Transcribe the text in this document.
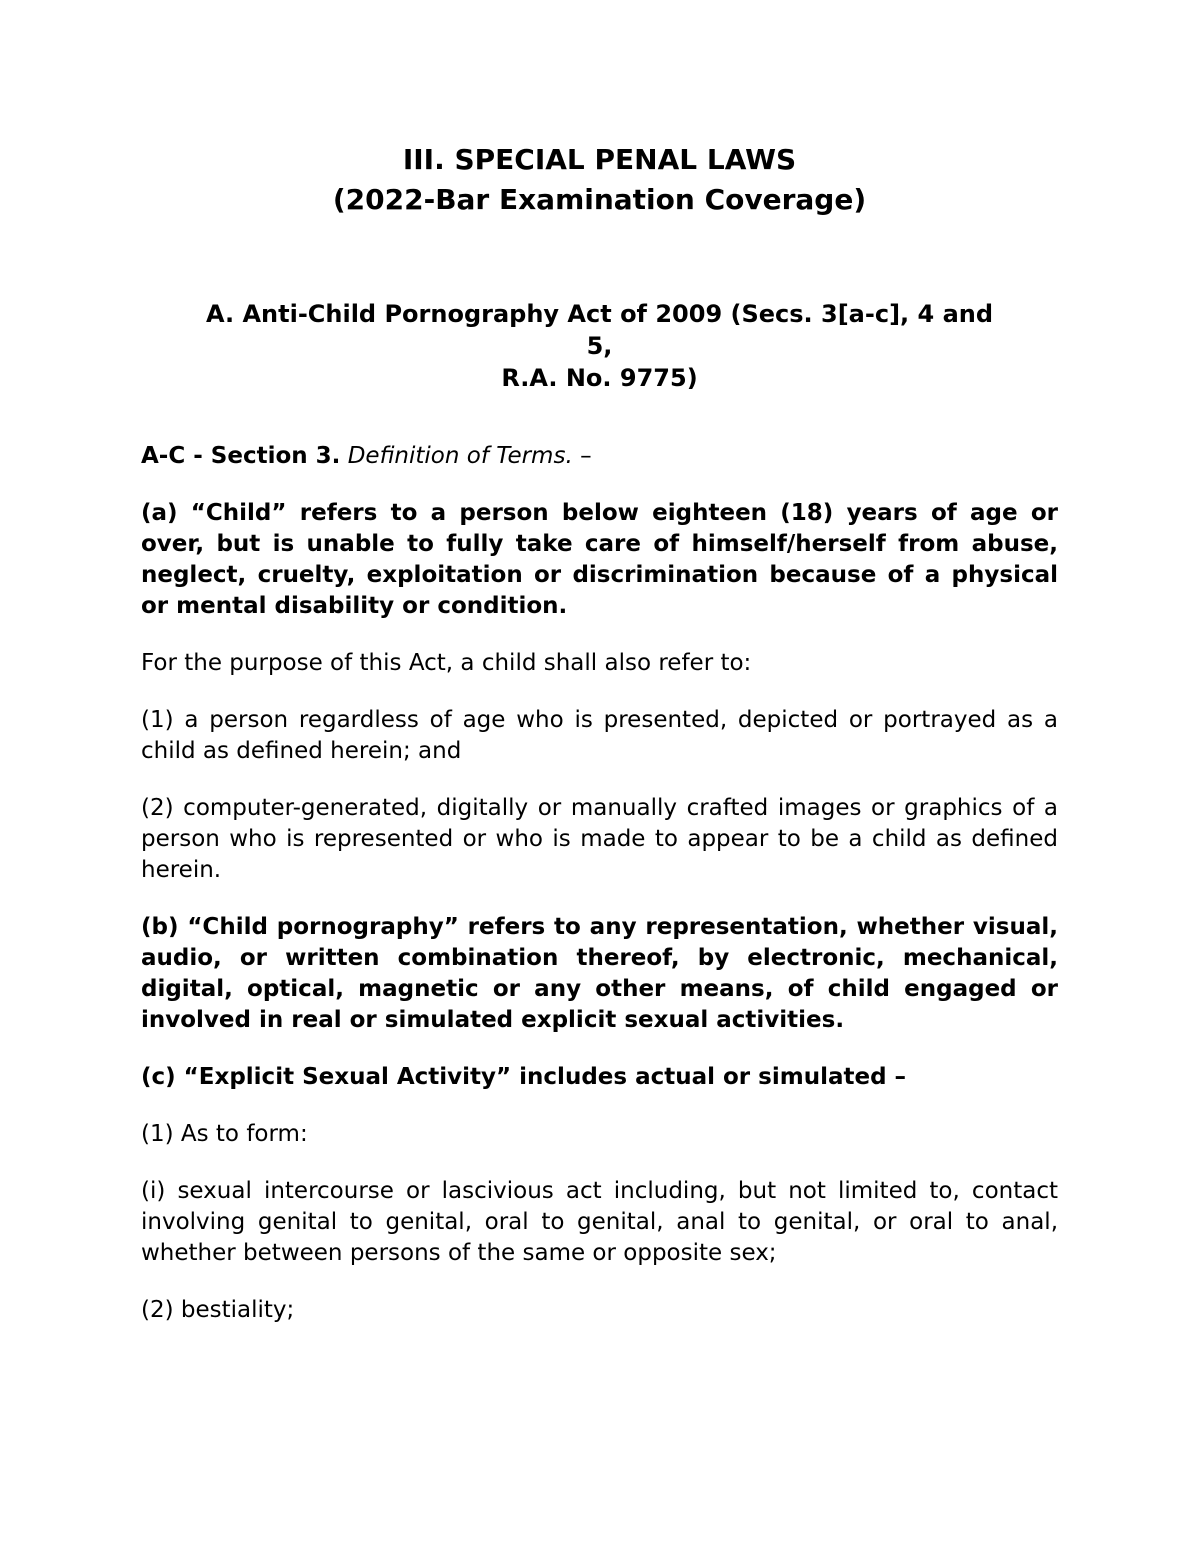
III. SPECIAL PENAL LAWS
(2022-Bar Examination Coverage)
A. Anti-Child Pornography Act of 2009 (Secs. 3[a-c], 4 and
5,
R.A. No. 9775)
A-C - Section 3. Definition of Terms. –

(a) “Child” refers to a person below eighteen (18) years of age or over, but is unable to fully take care of himself/herself from abuse, neglect, cruelty, exploitation or discrimination because of a physical or mental disability or condition.

For the purpose of this Act, a child shall also refer to:

(1) a person regardless of age who is presented, depicted or portrayed as a child as defined herein; and

(2) computer-generated, digitally or manually crafted images or graphics of a person who is represented or who is made to appear to be a child as defined herein.

(b) “Child pornography” refers to any representation, whether visual, audio, or written combination thereof, by electronic, mechanical, digital, optical, magnetic or any other means, of child engaged or involved in real or simulated explicit sexual activities.

(c) “Explicit Sexual Activity” includes actual or simulated –

(1) As to form:

(i) sexual intercourse or lascivious act including, but not limited to, contact involving genital to genital, oral to genital, anal to genital, or oral to anal, whether between persons of the same or opposite sex;

(2) bestiality;
